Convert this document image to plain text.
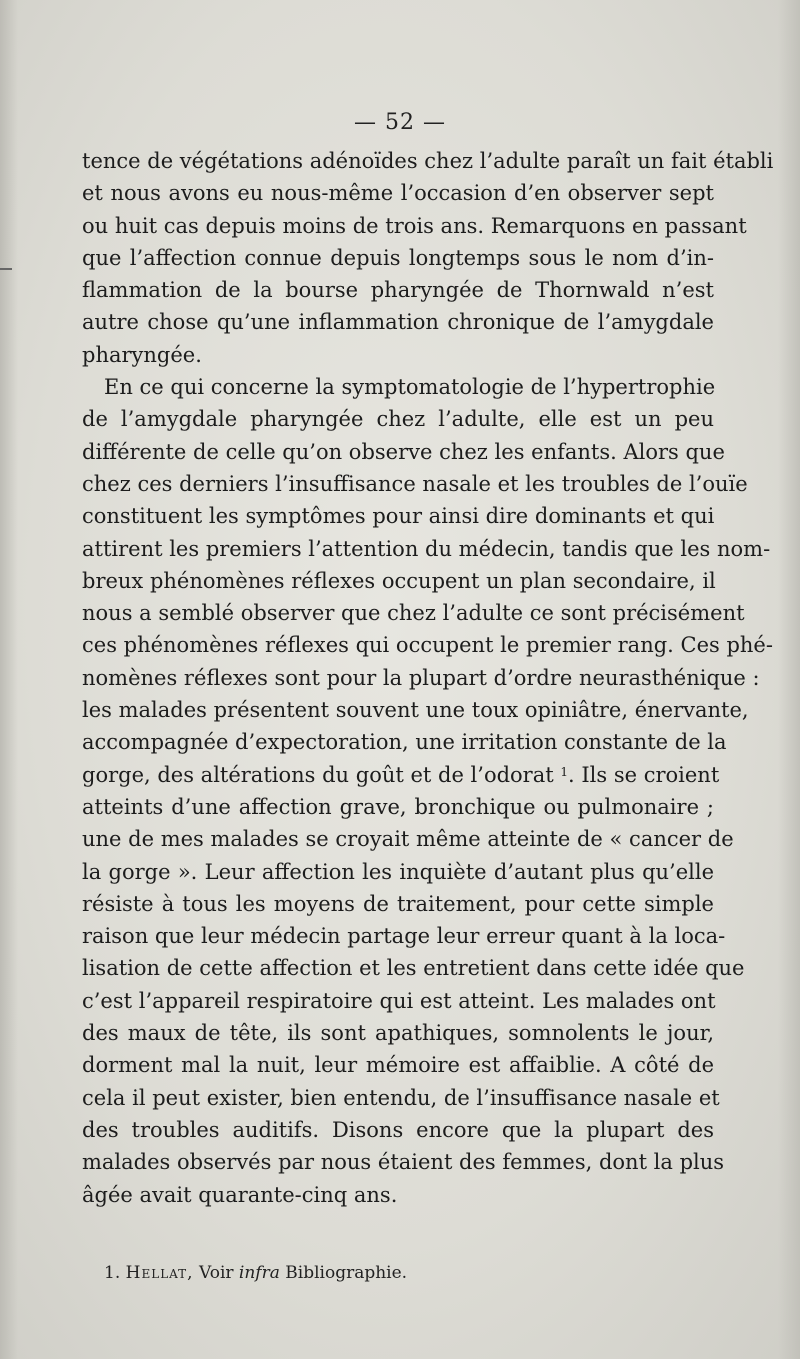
— 52 —
tence de végétations adénoïdes chez l’adulte paraît un fait établi
et nous avons eu nous-même l’occasion d’en observer sept
ou huit cas depuis moins de trois ans. Remarquons en passant
que l’affection connue depuis longtemps sous le nom d’in-
flammation de la bourse pharyngée de Thornwald n’est
autre chose qu’une inflammation chronique de l’amygdale
pharyngée.
En ce qui concerne la symptomatologie de l’hypertrophie
de l’amygdale pharyngée chez l’adulte, elle est un peu
différente de celle qu’on observe chez les enfants. Alors que
chez ces derniers l’insuffisance nasale et les troubles de l’ouïe
constituent les symptômes pour ainsi dire dominants et qui
attirent les premiers l’attention du médecin, tandis que les nom-
breux phénomènes réflexes occupent un plan secondaire, il
nous a semblé observer que chez l’adulte ce sont précisément
ces phénomènes réflexes qui occupent le premier rang. Ces phé-
nomènes réflexes sont pour la plupart d’ordre neurasthénique :
les malades présentent souvent une toux opiniâtre, énervante,
accompagnée d’expectoration, une irritation constante de la
gorge, des altérations du goût et de l’odorat $^1$. Ils se croient
atteints d’une affection grave, bronchique ou pulmonaire ;
une de mes malades se croyait même atteinte de « cancer de
la gorge ». Leur affection les inquiète d’autant plus qu’elle
résiste à tous les moyens de traitement, pour cette simple
raison que leur médecin partage leur erreur quant à la loca-
lisation de cette affection et les entretient dans cette idée que
c’est l’appareil respiratoire qui est atteint. Les malades ont
des maux de tête, ils sont apathiques, somnolents le jour,
dorment mal la nuit, leur mémoire est affaiblie. A côté de
cela il peut exister, bien entendu, de l’insuffisance nasale et
des troubles auditifs. Disons encore que la plupart des
malades observés par nous étaient des femmes, dont la plus
âgée avait quarante-cinq ans.
1. Hellat, Voir infra Bibliographie.
